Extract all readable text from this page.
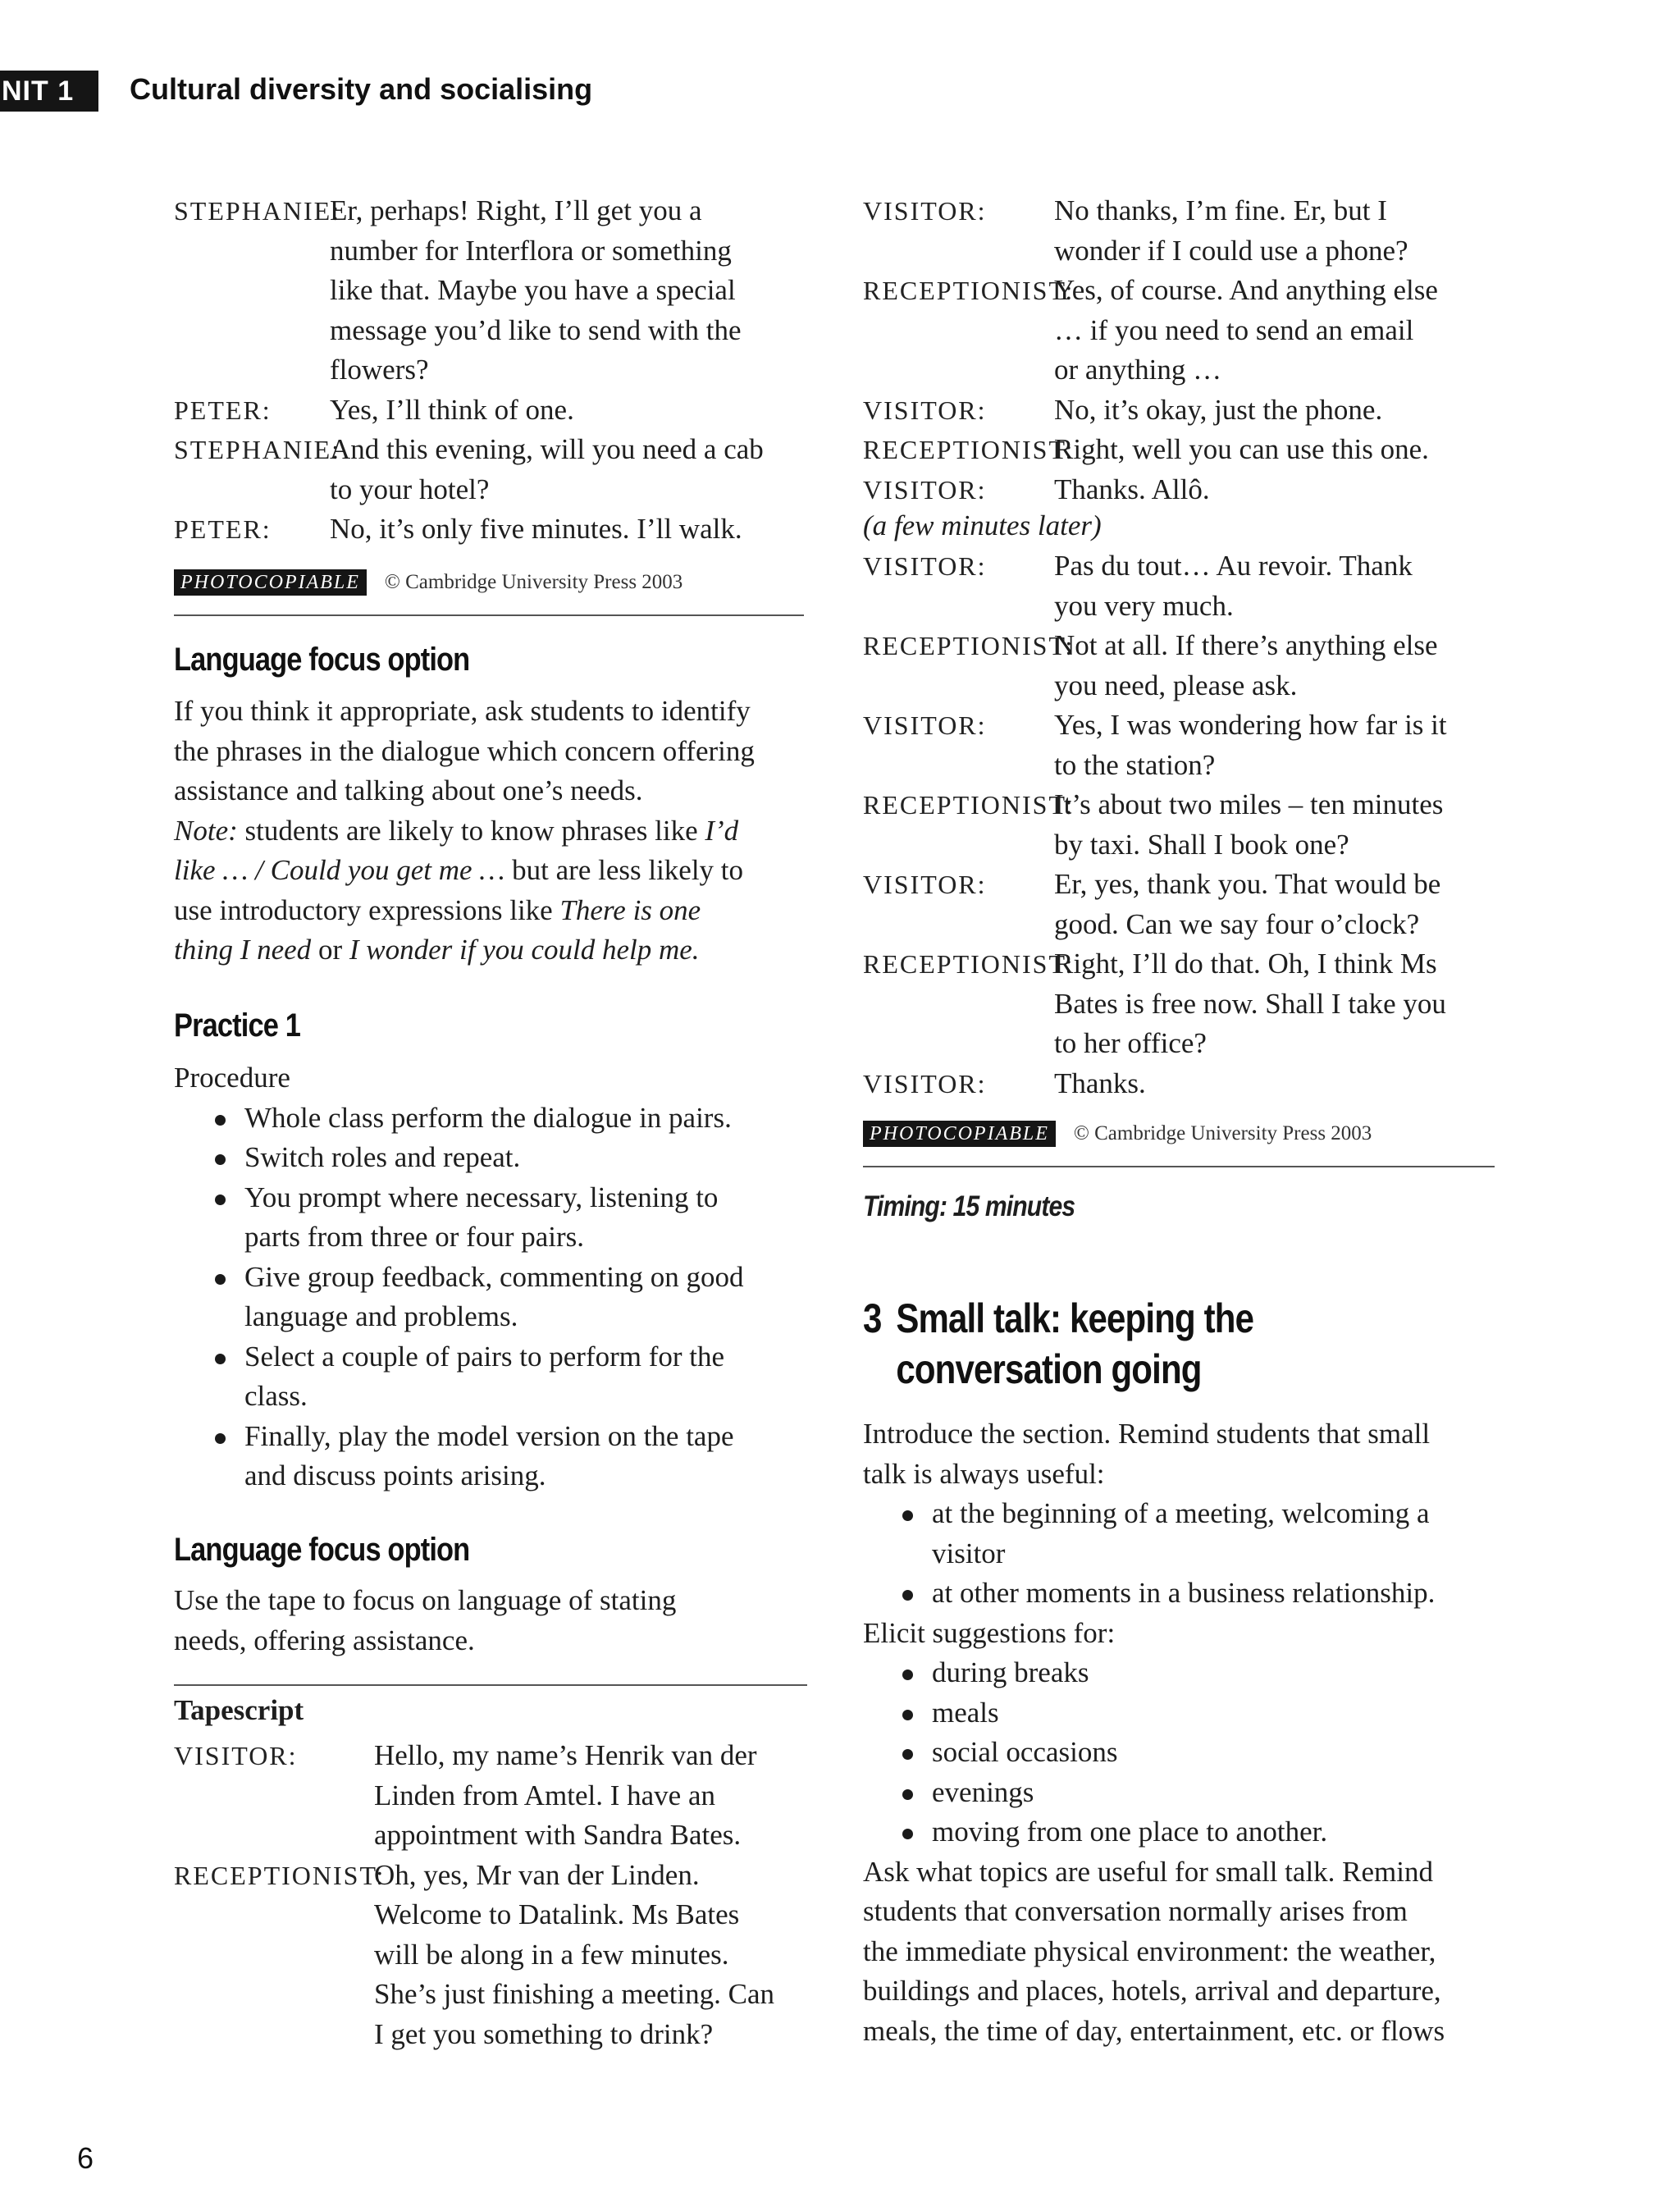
NIT 1	Cultural diversity and socialising
STEPHANIE:
Er, perhaps! Right, I’ll get you a
number for Interflora or something
like that. Maybe you have a special
message you’d like to send with the
flowers?
PETER:	Yes, I’ll think of one.
STEPHANIE:
And this evening, will you need a cab
to your hotel?
PETER:	No, it’s only five minutes. I’ll walk.
PHOTOCOPIABLE	© Cambridge University Press 2003
Language focus option

If you think it appropriate, ask students to identify

the phrases in the dialogue which concern offering

assistance and talking about one’s needs.

Note: students are likely to know phrases like I’d

like … / Could you get me … but are less likely to

use introductory expressions like There is one

thing I need or I wonder if you could help me.

Practice 1

Procedure

Whole class perform the dialogue in pairs.
Switch roles and repeat.
You prompt where necessary, listening to
parts from three or four pairs.
Give group feedback, commenting on good
language and problems.
Select a couple of pairs to perform for the
class.
Finally, play the model version on the tape
and discuss points arising.
Language focus option

Use the tape to focus on language of stating

needs, offering assistance.

Tapescript
VISITOR:	Hello, my name’s Henrik van der
Linden from Amtel. I have an
appointment with Sandra Bates.
RECEPTIONIST:
Oh, yes, Mr van der Linden.
Welcome to Datalink. Ms Bates
will be along in a few minutes.
She’s just finishing a meeting. Can
I get you something to drink?
VISITOR:	No thanks, I’m fine. Er, but I
wonder if I could use a phone?
RECEPTIONIST:
Yes, of course. And anything else
… if you need to send an email
or anything …
VISITOR:	No, it’s okay, just the phone.
RECEPTIONIST:
Right, well you can use this one.
VISITOR:	Thanks. Allô.
(a few minutes later)
VISITOR:	Pas du tout… Au revoir. Thank
you very much.
RECEPTIONIST:
Not at all. If there’s anything else
you need, please ask.
VISITOR:	Yes, I was wondering how far is it
to the station?
RECEPTIONIST:
It’s about two miles – ten minutes
by taxi. Shall I book one?
VISITOR:	Er, yes, thank you. That would be
good. Can we say four o’clock?
RECEPTIONIST:
Right, I’ll do that. Oh, I think Ms
Bates is free now. Shall I take you
to her office?
VISITOR:	Thanks.
PHOTOCOPIABLE	© Cambridge University Press 2003
Timing: 15 minutes
3 Small talk: keeping the
conversation going

Introduce the section. Remind students that small

talk is always useful:

at the beginning of a meeting, welcoming a
visitor
at other moments in a business relationship.

Elicit suggestions for:

during breaks
meals
social occasions
evenings
moving from one place to another.

Ask what topics are useful for small talk. Remind

students that conversation normally arises from

the immediate physical environment: the weather,

buildings and places, hotels, arrival and departure,

meals, the time of day, entertainment, etc. or flows

6
